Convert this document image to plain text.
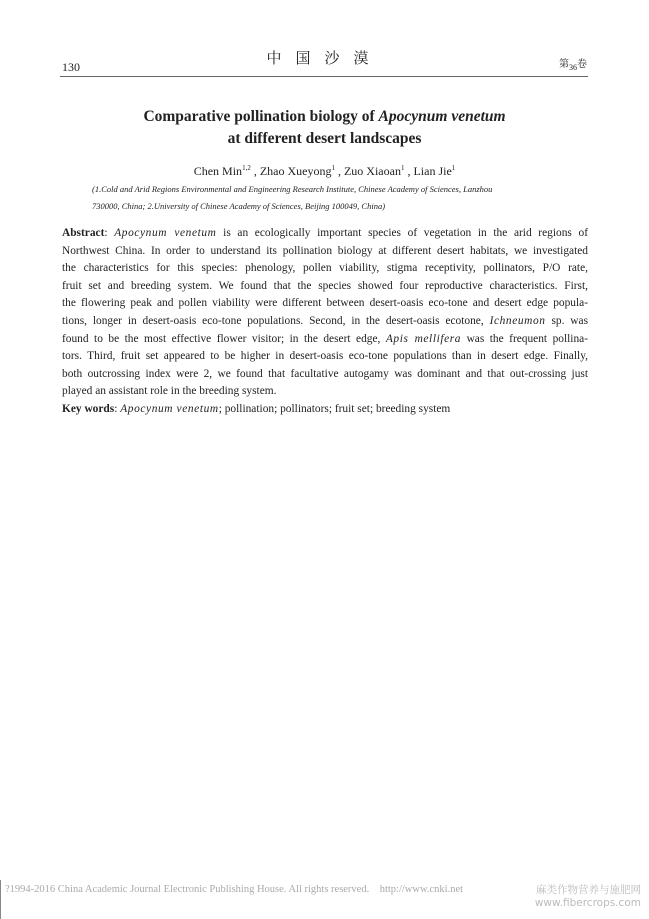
130	中国沙漠	第$_{36}$卷
Comparative pollination biology of Apocynum venetum
at different desert landscapes
Chen Min$^{1,2}$ , Zhao Xueyong$^1$ , Zuo Xiaoan$^1$ , Lian Jie$^1$
(1.Cold and Arid Regions Environmental and Engineering Research Institute, Chinese Academy of Sciences, Lanzhou
730000, China; 2.University of Chinese Academy of Sciences, Beijing 100049, China)
Abstract: Apocynum venetum is an ecologically important species of vegetation in the arid regions of
Northwest China. In order to understand its pollination biology at different desert habitats, we investigated
the characteristics for this species: phenology, pollen viability, stigma receptivity, pollinators, P/O rate,
fruit set and breeding system. We found that the species showed four reproductive characteristics. First,
the flowering peak and pollen viability were different between desert-oasis eco-tone and desert edge popula-
tions, longer in desert-oasis eco-tone populations. Second, in the desert-oasis ecotone, Ichneumon sp. was
found to be the most effective flower visitor; in the desert edge, Apis mellifera was the frequent pollina-
tors. Third, fruit set appeared to be higher in desert-oasis eco-tone populations than in desert edge. Finally,
both outcrossing index were 2, we found that facultative autogamy was dominant and that out-crossing just
played an assistant role in the breeding system.
Key words: Apocynum venetum; pollination; pollinators; fruit set; breeding system
?1994-2016 China Academic Journal Electronic Publishing House. All rights reserved.    http://www.cnki.net	麻类作物营养与施肥网
www.fibercrops.com
